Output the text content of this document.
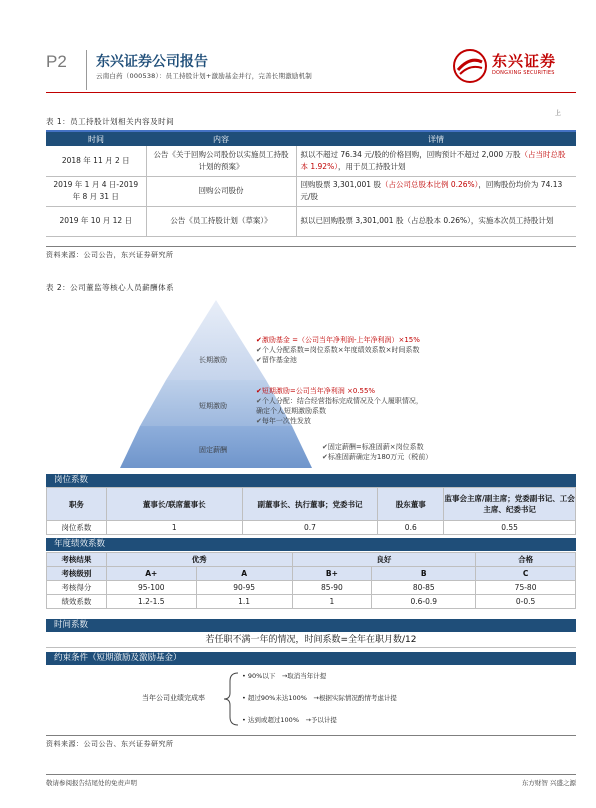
P2 东兴证券公司报告
云南白药（000538）：员工持股计划+激励基金并行，完善长期激励机制
东兴证券
DONGXING SECURITIES
上
表 1：员工持股计划相关内容及时间
时间	内容	详情
2018 年 11 月 2 日	公告《关于回购公司股份以实施员工持股计划的预案》	拟以不超过 76.34 元/股的价格回购，回购预计不超过 2,000 万股（占当时总股本 1.92%），用于员工持股计划
2019 年 1 月 4 日-2019 年 8 月 31 日	回购公司股份	回购股票 3,301,001 股（占公司总股本比例 0.26%），回购股份均价为 74.13 元/股
2019 年 10 月 12 日	公告《员工持股计划（草案）》	拟以已回购股票 3,301,001 股（占总股本 0.26%），实施本次员工持股计划
资料来源：公司公告，东兴证券研究所
表 2：公司董监等核心人员薪酬体系
长期激励
短期激励
固定薪酬
✔激励基金 =（公司当年净利润-上年净利润）×15%
✔个人分配系数=岗位系数×年度绩效系数×时间系数
✔留作基金池
✔短期激励=公司当年净利润 ×0.55%
✔个人分配：结合经营指标完成情况及个人履职情况，确定个人短期激励系数
✔每年一次性发放
✔固定薪酬=标准固薪×岗位系数
✔标准固薪确定为180万元（税前）
岗位系数
职务	董事长/联席董事长	副董事长、执行董事；党委书记	股东董事	监事会主席/副主席；党委副书记、工会主席、纪委书记
岗位系数	1	0.7	0.6	0.55
年度绩效系数
考核结果	优秀		良好		合格
考核级别	A+	A	B+	B	C
考核得分	95-100	90-95	85-90	80-85	75-80
绩效系数	1.2-1.5	1.1	1	0.6-0.9	0-0.5
时间系数
若任职不满一年的情况，时间系数=全年在职月数/12
约束条件（短期激励及激励基金）
当年公司业绩完成率
• 90%以下　→取消当年计提
• 超过90%未达100%　→根据实际情况酌情考虑计提
• 达到或超过100%　→予以计提
资料来源：公司公告、东兴证券研究所
敬请参阅报告结尾处的免责声明	东方财智 兴盛之源
